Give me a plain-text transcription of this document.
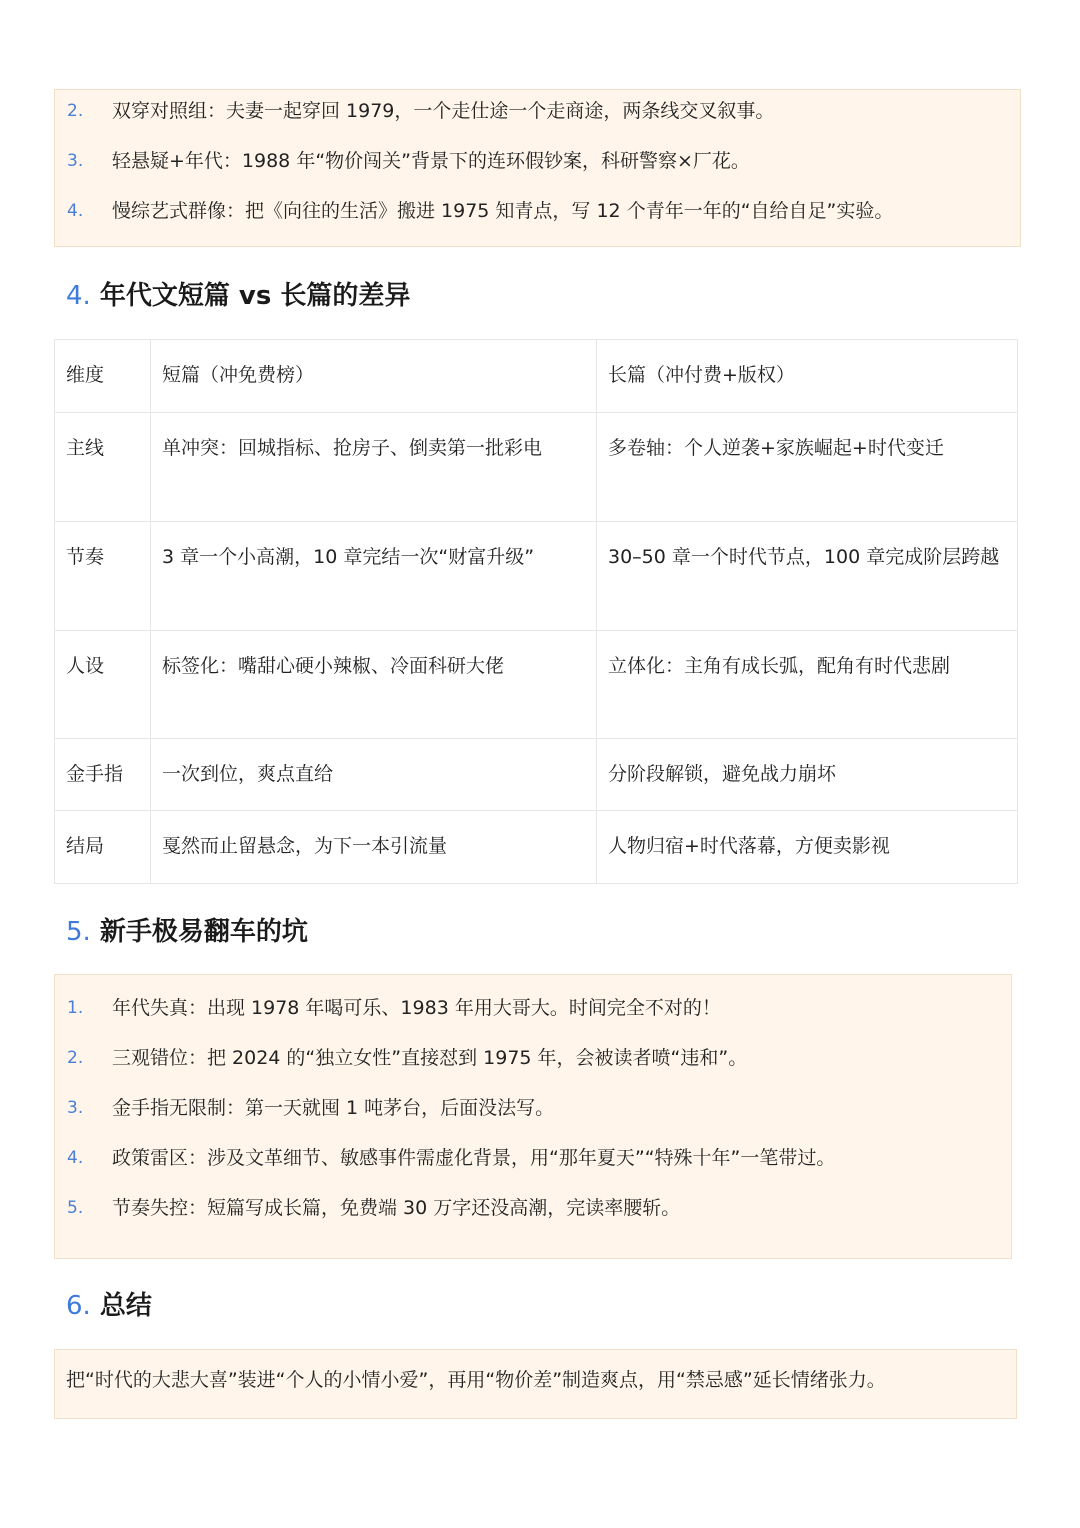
2. 双穿对照组：夫妻一起穿回 1979，一个走仕途一个走商途，两条线交叉叙事。
3. 轻悬疑+年代：1988 年“物价闯关”背景下的连环假钞案，科研警察×厂花。
4. 慢综艺式群像：把《向往的生活》搬进 1975 知青点，写 12 个青年一年的“自给自足”实验。
4. 年代文短篇 vs 长篇的差异
维度	短篇（冲免费榜）	长篇（冲付费+版权）
主线	单冲突：回城指标、抢房子、倒卖第一批彩电	多卷轴：个人逆袭+家族崛起+时代变迁
节奏	3 章一个小高潮，10 章完结一次“财富升级”	30–50 章一个时代节点，100 章完成阶层跨越
人设	标签化：嘴甜心硬小辣椒、冷面科研大佬	立体化：主角有成长弧，配角有时代悲剧
金手指	一次到位，爽点直给	分阶段解锁，避免战力崩坏
结局	戛然而止留悬念，为下一本引流量	人物归宿+时代落幕，方便卖影视
5. 新手极易翻车的坑
1. 年代失真：出现 1978 年喝可乐、1983 年用大哥大。时间完全不对的！
2. 三观错位：把 2024 的“独立女性”直接怼到 1975 年，会被读者喷“违和”。
3. 金手指无限制：第一天就囤 1 吨茅台，后面没法写。
4. 政策雷区：涉及文革细节、敏感事件需虚化背景，用“那年夏天”“特殊十年”一笔带过。
5. 节奏失控：短篇写成长篇，免费端 30 万字还没高潮，完读率腰斩。
6. 总结
把“时代的大悲大喜”装进“个人的小情小爱”，再用“物价差”制造爽点，用“禁忌感”延长情绪张力。
